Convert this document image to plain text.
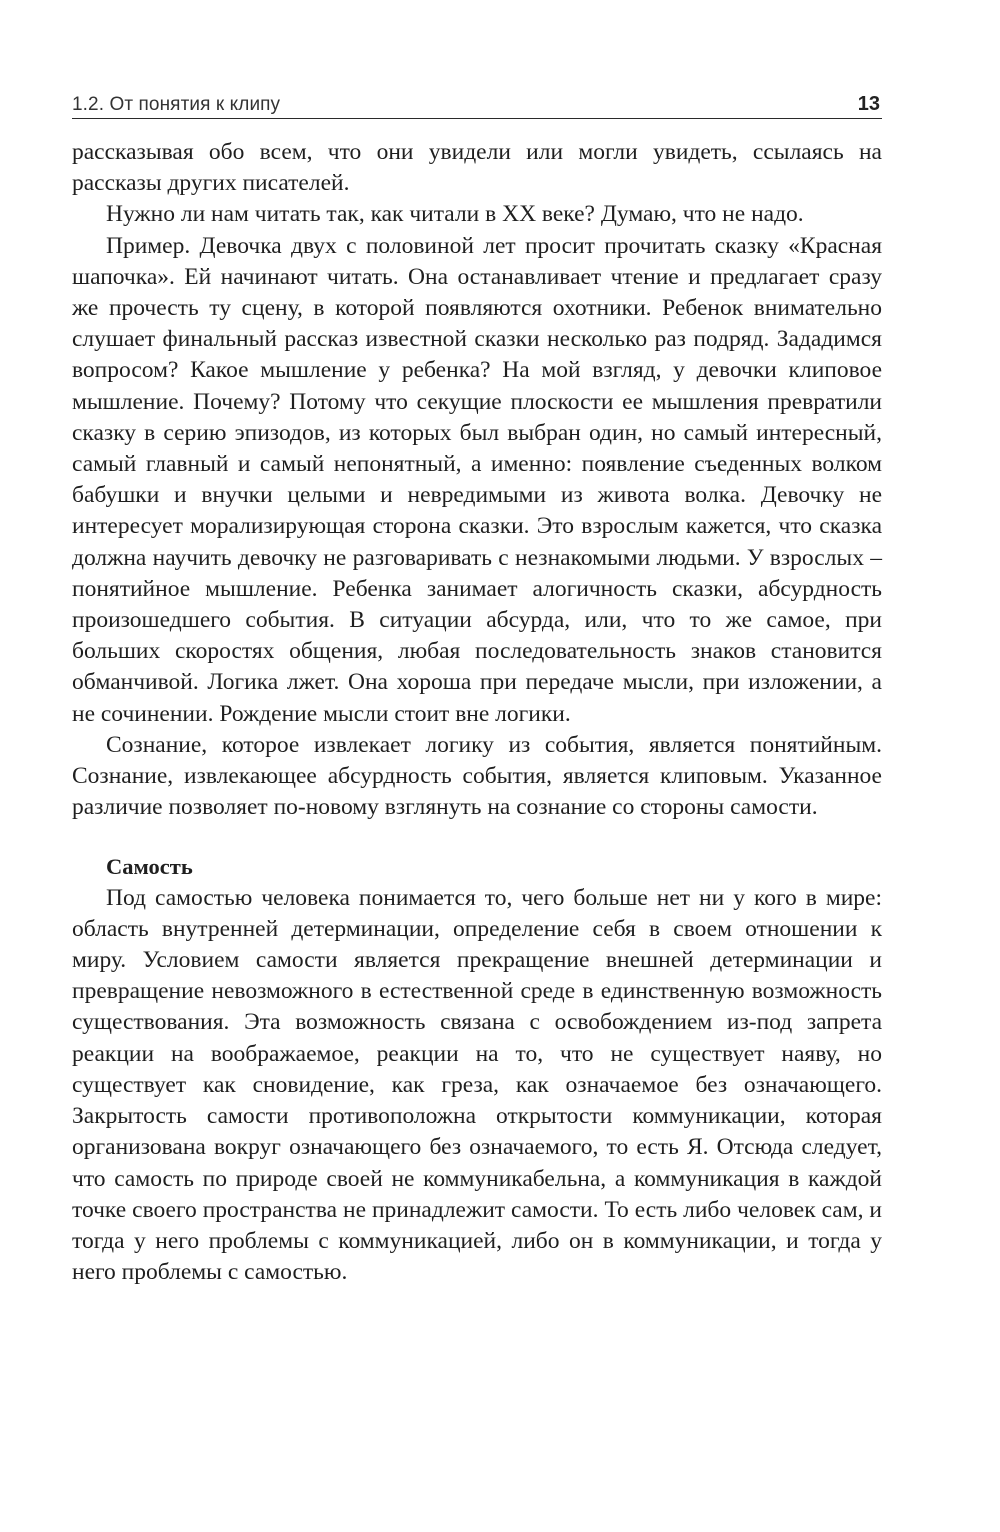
1.2. От понятия к клипу	13

рассказывая обо всем, что они увидели или могли увидеть, ссылаясь на рассказы других писателей.

Нужно ли нам читать так, как читали в XX веке? Думаю, что не надо.

Пример. Девочка двух с половиной лет просит прочитать сказку «Красная шапочка». Ей начинают читать. Она останавливает чтение и предлагает сразу же прочесть ту сцену, в которой появляются охотники. Ребенок внимательно слушает финальный рассказ известной сказки несколько раз подряд. Зададимся вопросом? Какое мышление у ребенка? На мой взгляд, у девочки клиповое мышление. Почему? Потому что секущие плоскости ее мышления превратили сказку в серию эпизодов, из которых был выбран один, но самый интересный, самый главный и самый непонятный, а именно: появление съеденных волком бабушки и внучки целыми и невредимыми из живота волка. Девочку не интересует морализирующая сторона сказки. Это взрослым кажется, что сказка должна научить девочку не разговаривать с незнакомыми людьми. У взрослых – понятийное мышление. Ребенка занимает алогичность сказки, абсурдность произошедшего события. В ситуации абсурда, или, что то же самое, при больших скоростях общения, любая последовательность знаков становится обманчивой. Логика лжет. Она хороша при передаче мысли, при изложении, а не сочинении. Рождение мысли стоит вне логики.

Сознание, которое извлекает логику из события, является понятийным. Сознание, извлекающее абсурдность события, является клиповым. Указанное различие позволяет по-новому взглянуть на сознание со стороны самости.

Самость

Под самостью человека понимается то, чего больше нет ни у кого в мире: область внутренней детерминации, определение себя в своем отношении к миру. Условием самости является прекращение внешней детерминации и превращение невозможного в естественной среде в единственную возможность существования. Эта возможность связана с освобождением из-под запрета реакции на воображаемое, реакции на то, что не существует наяву, но существует как сновидение, как греза, как означаемое без означающего. Закрытость самости противоположна открытости коммуникации, которая организована вокруг означающего без означаемого, то есть Я. Отсюда следует, что самость по природе своей не коммуникабельна, а коммуникация в каждой точке своего пространства не принадлежит самости. То есть либо человек сам, и тогда у него проблемы с коммуникацией, либо он в коммуникации, и тогда у него проблемы с самостью.
